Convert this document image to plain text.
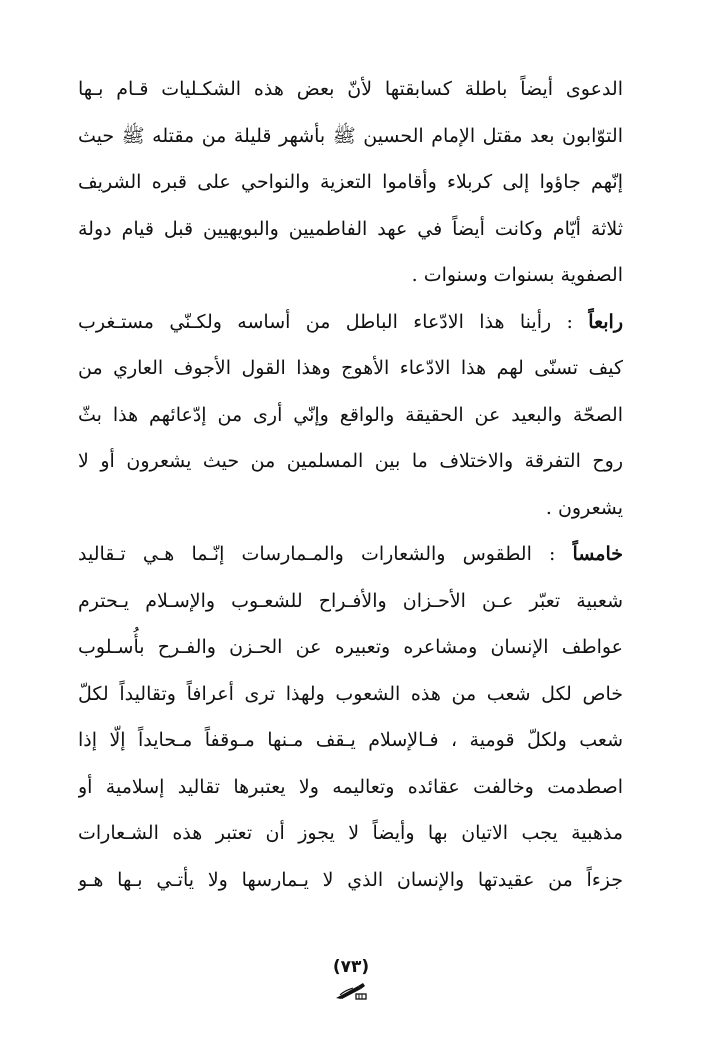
الدعوى أيضاً باطلة كسابقتها لأنّ بعض هذه الشكـليات قـام بـها
التوّابون بعد مقتل الإمام الحسين ﷺ بأشهر قليلة من مقتله ﷺ حيث
إنّهم جاؤوا إلى كربلاء وأقاموا التعزية والنواحي على قبره الشريف
ثلاثة أيّام وكانت أيضاً في عهد الفاطميين والبويهيين قبل قيام دولة
الصفوية بسنوات وسنوات .
رابعاً : رأينا هذا الادّعاء الباطل من أساسه ولكـنّي مستـغرب
كيف تسنّى لهم هذا الادّعاء الأهوج وهذا القول الأجوف العاري من
الصحّة والبعيد عن الحقيقة والواقع وإنّي أرى من إدّعائهم هذا بثّ
روح التفرقة والاختلاف ما بين المسلمين من حيث يشعرون أو لا
يشعرون .
خامساً : الطقوس والشعارات والمـمارسات إنّـما هـي تـقاليد
شعبية تعبّر عـن الأحـزان والأفـراح للشعـوب والإسـلام يـحترم
عواطف الإنسان ومشاعره وتعبيره عن الحـزن والفـرح بأُسـلوب
خاص لكل شعب من هذه الشعوب ولهذا ترى أعرافاً وتقاليداً لكلّ
شعب ولكلّ قومية ، فـالإسلام يـقف مـنها مـوقفاً مـحايداً إلّا إذا
اصطدمت وخالفت عقائده وتعاليمه ولا يعتبرها تقاليد إسلامية أو
مذهبية يجب الاتيان بها وأيضاً لا يجوز أن تعتبر هذه الشـعارات
جزءاً من عقيدتها والإنسان الذي لا يـمارسها ولا يأتـي بـها هـو
(٧٣)
